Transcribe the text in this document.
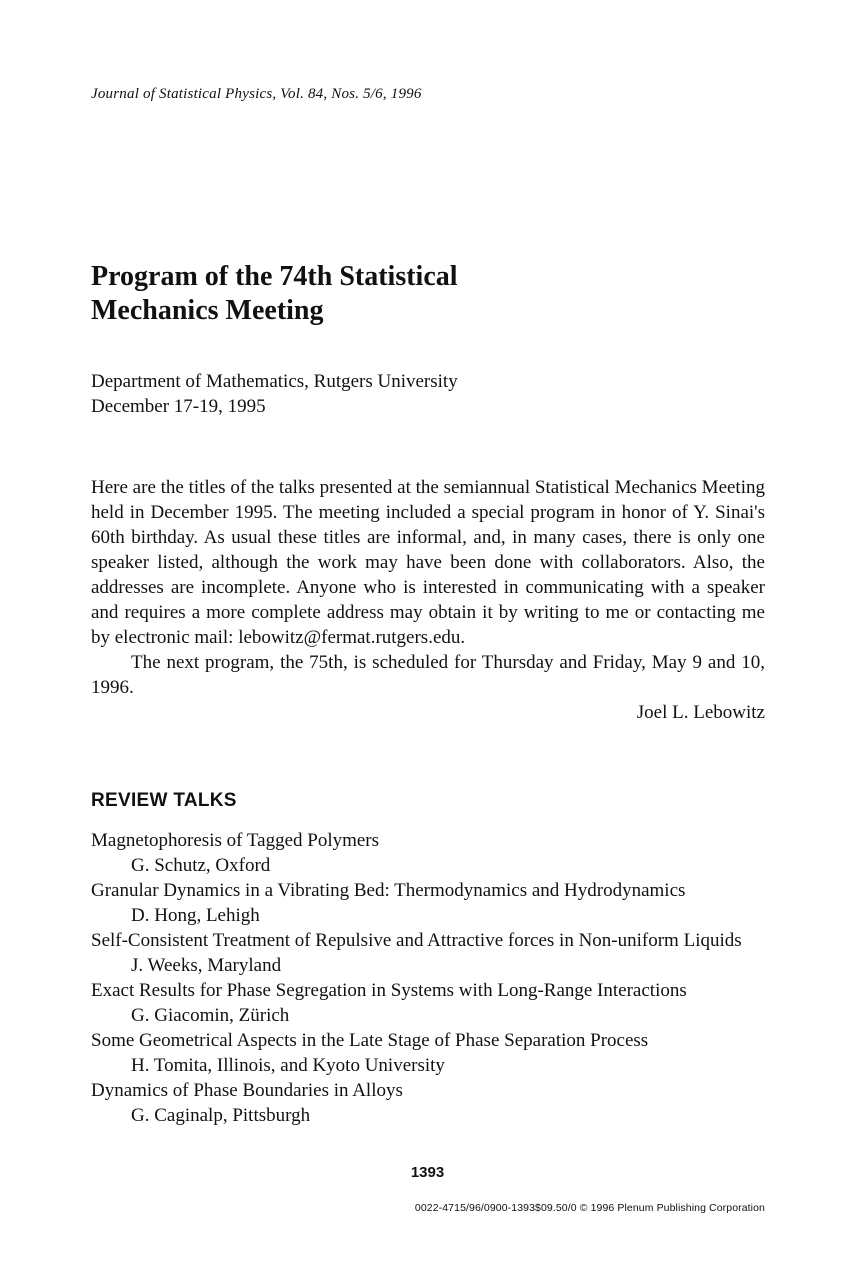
Journal of Statistical Physics, Vol. 84, Nos. 5/6, 1996
Program of the 74th Statistical
Mechanics Meeting
Department of Mathematics, Rutgers University
December 17-19, 1995

Here are the titles of the talks presented at the semiannual Statistical Mechanics Meeting held in December 1995. The meeting included a special program in honor of Y. Sinai's 60th birthday. As usual these titles are informal, and, in many cases, there is only one speaker listed, although the work may have been done with collaborators. Also, the addresses are incomplete. Anyone who is interested in communicating with a speaker and requires a more complete address may obtain it by writing to me or contacting me by electronic mail: lebowitz@fermat.rutgers.edu.

The next program, the 75th, is scheduled for Thursday and Friday, May 9 and 10, 1996.

Joel L. Lebowitz
REVIEW TALKS
Magnetophoresis of Tagged Polymers
G. Schutz, Oxford
Granular Dynamics in a Vibrating Bed: Thermodynamics and Hydrodynamics
D. Hong, Lehigh
Self-Consistent Treatment of Repulsive and Attractive forces in Non-uniform Liquids
J. Weeks, Maryland
Exact Results for Phase Segregation in Systems with Long-Range Interactions
G. Giacomin, Zürich
Some Geometrical Aspects in the Late Stage of Phase Separation Process
H. Tomita, Illinois, and Kyoto University
Dynamics of Phase Boundaries in Alloys
G. Caginalp, Pittsburgh
1393
0022-4715/96/0900-1393$09.50/0 © 1996 Plenum Publishing Corporation
